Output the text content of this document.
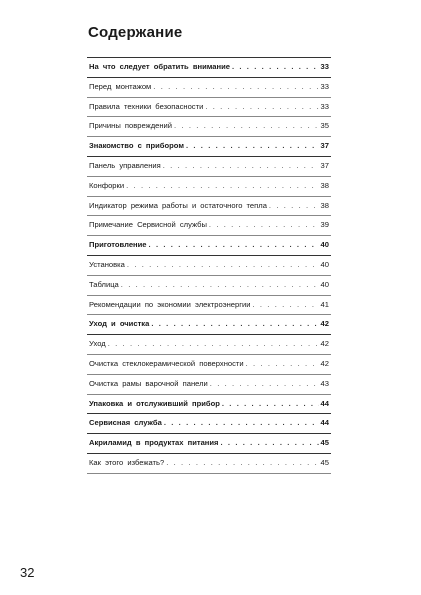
Содержание
На что следует обратить внимание . . .	33
Перед монтажом . . .	33
Правила техники безопасности . . .	33
Причины повреждений . . .	35
Знакомство с прибором . . .	37
Панель управления . . .	37
Конфорки . . .	38
Индикатор режима работы и остаточного тепла . . .	38
Примечание Сервисной службы . . .	39
Приготовление . . .	40
Установка . . .	40
Таблица . . .	40
Рекомендации по экономии электроэнергии . . .	41
Уход и очистка . . .	42
Уход . . .	42
Очистка стеклокерамической поверхности . . .	42
Очистка рамы варочной панели . . .	43
Упаковка и отслуживший прибор . . .	44
Сервисная служба . . .	44
Акриламид в продуктах питания . . .	45
Как этого избежать? . . .	45
32
